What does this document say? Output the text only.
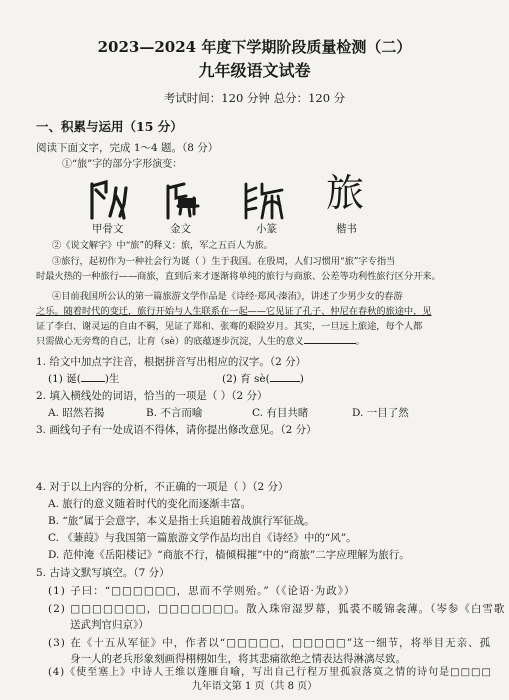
2023—2024 年度下学期阶段质量检测（二）
九年级语文试卷
考试时间：120 分钟 总分：120 分
一、积累与运用（15 分）
阅读下面文字，完成 1～4 题。（8 分）
①“旅”字的部分字形演变：
旅
甲骨文	金文	小篆	楷书
②《说文解字》中“旅”的释义：旅，军之五百人为旅。
③旅行，起初作为一种社会行为诞（ ）生于我国。在殷周，人们习惯用“旅”字专指当
时最火热的一种旅行——商旅，直到后来才逐渐将单纯的旅行与商旅、公差等功利性旅行区分开来。
④目前我国所公认的第一篇旅游文学作品是《诗经·郑风·溱洧》，讲述了少男少女的春游
之乐。随着时代的变迁，旅行开始与人生联系在一起——它见证了孔子、仲尼在春秋的旅途中，见
证了李白、谢灵运的自由不羁，见证了郑和、张骞的艰险岁月。其实，一旦远上旅途，每个人都
只需做心无旁骛的自己，让育（sè）的底蕴逐步沉淀，人生的意义	。
1. 给文中加点字注音，根据拼音写出相应的汉字。（2 分）
(1) 诞( )生	(2) 育 sè(	)
2. 填入横线处的词语，恰当的一项是（ ）（2 分）
A. 昭然若揭	B. 不言而喻	C. 有目共睹	D. 一目了然
3. 画线句子有一处成语不得体，请你提出修改意见。（2 分）
4. 对于以上内容的分析，不正确的一项是（ ）（2 分）
A. 旅行的意义随着时代的变化而逐渐丰富。
B. “旅”属于会意字，本义是指士兵追随着战旗行军征战。
C. 《蒹葭》与我国第一篇旅游文学作品均出自《诗经》中的“风”。
D. 范仲淹《岳阳楼记》“商旅不行，樯倾楫摧”中的“商旅”二字应理解为旅行。
5. 古诗文默写填空。（7 分）
(1) 子曰：“□□□□□□，思而不学则殆。”（《论语·为政》）
(2) □□□□□□□，□□□□□□□。散入珠帘湿罗幕，狐裘不暖锦衾薄。（岑参《白雪歌
送武判官归京》）
(3) 在《十五从军征》中，作者以“□□□□□，□□□□□”这一细节，将举目无亲、孤
身一人的老兵形象刻画得栩栩如生，将其悲痛欲绝之情表达得淋漓尽致。
(4)《使至塞上》中诗人王维以蓬雁自喻，写出自己行程万里孤寂落寞之情的诗句是□□□□
九年语文第 1 页（共 8 页）
